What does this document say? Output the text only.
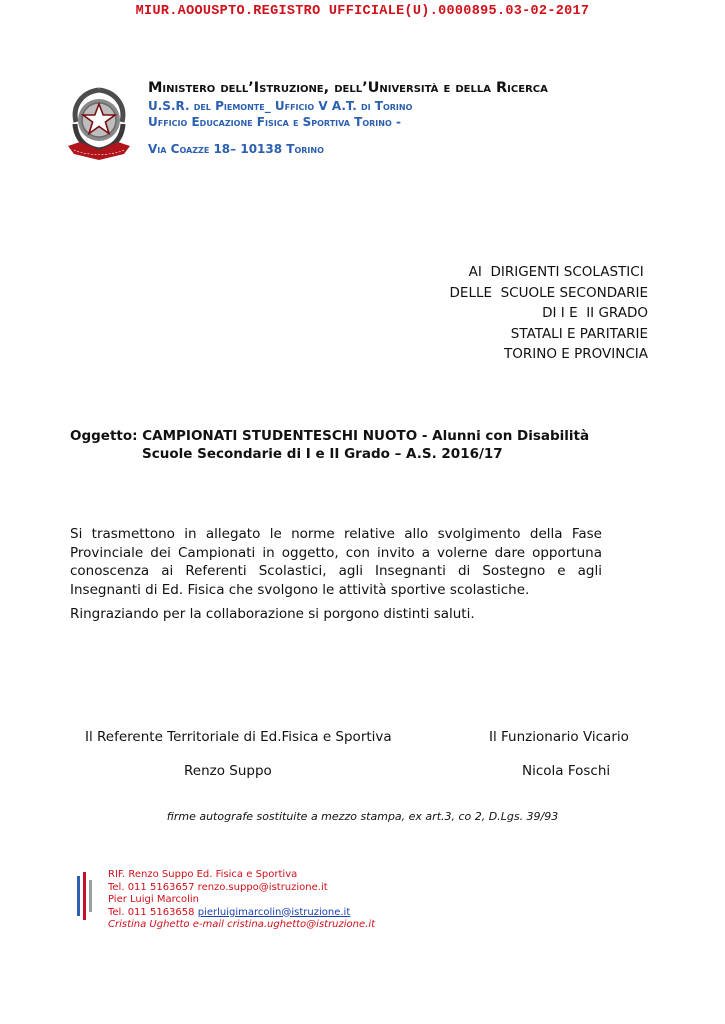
MIUR.AOOUSPTO.REGISTRO UFFICIALE(U).0000895.03-02-2017
Ministero dell’Istruzione, dell’Università e della Ricerca
U.S.R. del Piemonte_ Ufficio V A.T. di Torino
Ufficio Educazione Fisica e Sportiva Torino -
Via Coazze 18– 10138 Torino
AI  DIRIGENTI SCOLASTICI
DELLE  SCUOLE SECONDARIE
DI I E  II GRADO
STATALI E PARITARIE
TORINO E PROVINCIA
Oggetto: CAMPIONATI STUDENTESCHI NUOTO - Alunni con Disabilità
Scuole Secondarie di I e II Grado – A.S. 2016/17
Si trasmettono in allegato le norme relative allo svolgimento della Fase Provinciale dei Campionati in oggetto, con invito a volerne dare opportuna conoscenza ai Referenti Scolastici, agli Insegnanti di Sostegno e agli Insegnanti di Ed. Fisica che svolgono le attività sportive scolastiche.
Ringraziando per la collaborazione si porgono distinti saluti.
Il Referente Territoriale di Ed.Fisica e Sportiva
Renzo Suppo
Il Funzionario Vicario
Nicola Foschi
firme autografe sostituite a mezzo stampa, ex art.3, co 2, D.Lgs. 39/93
RIF. Renzo Suppo Ed. Fisica e Sportiva
Tel. 011 5163657 renzo.suppo@istruzione.it
Pier Luigi Marcolin
Tel. 011 5163658 pierluigimarcolin@istruzione.it
Cristina Ughetto e-mail cristina.ughetto@istruzione.it
